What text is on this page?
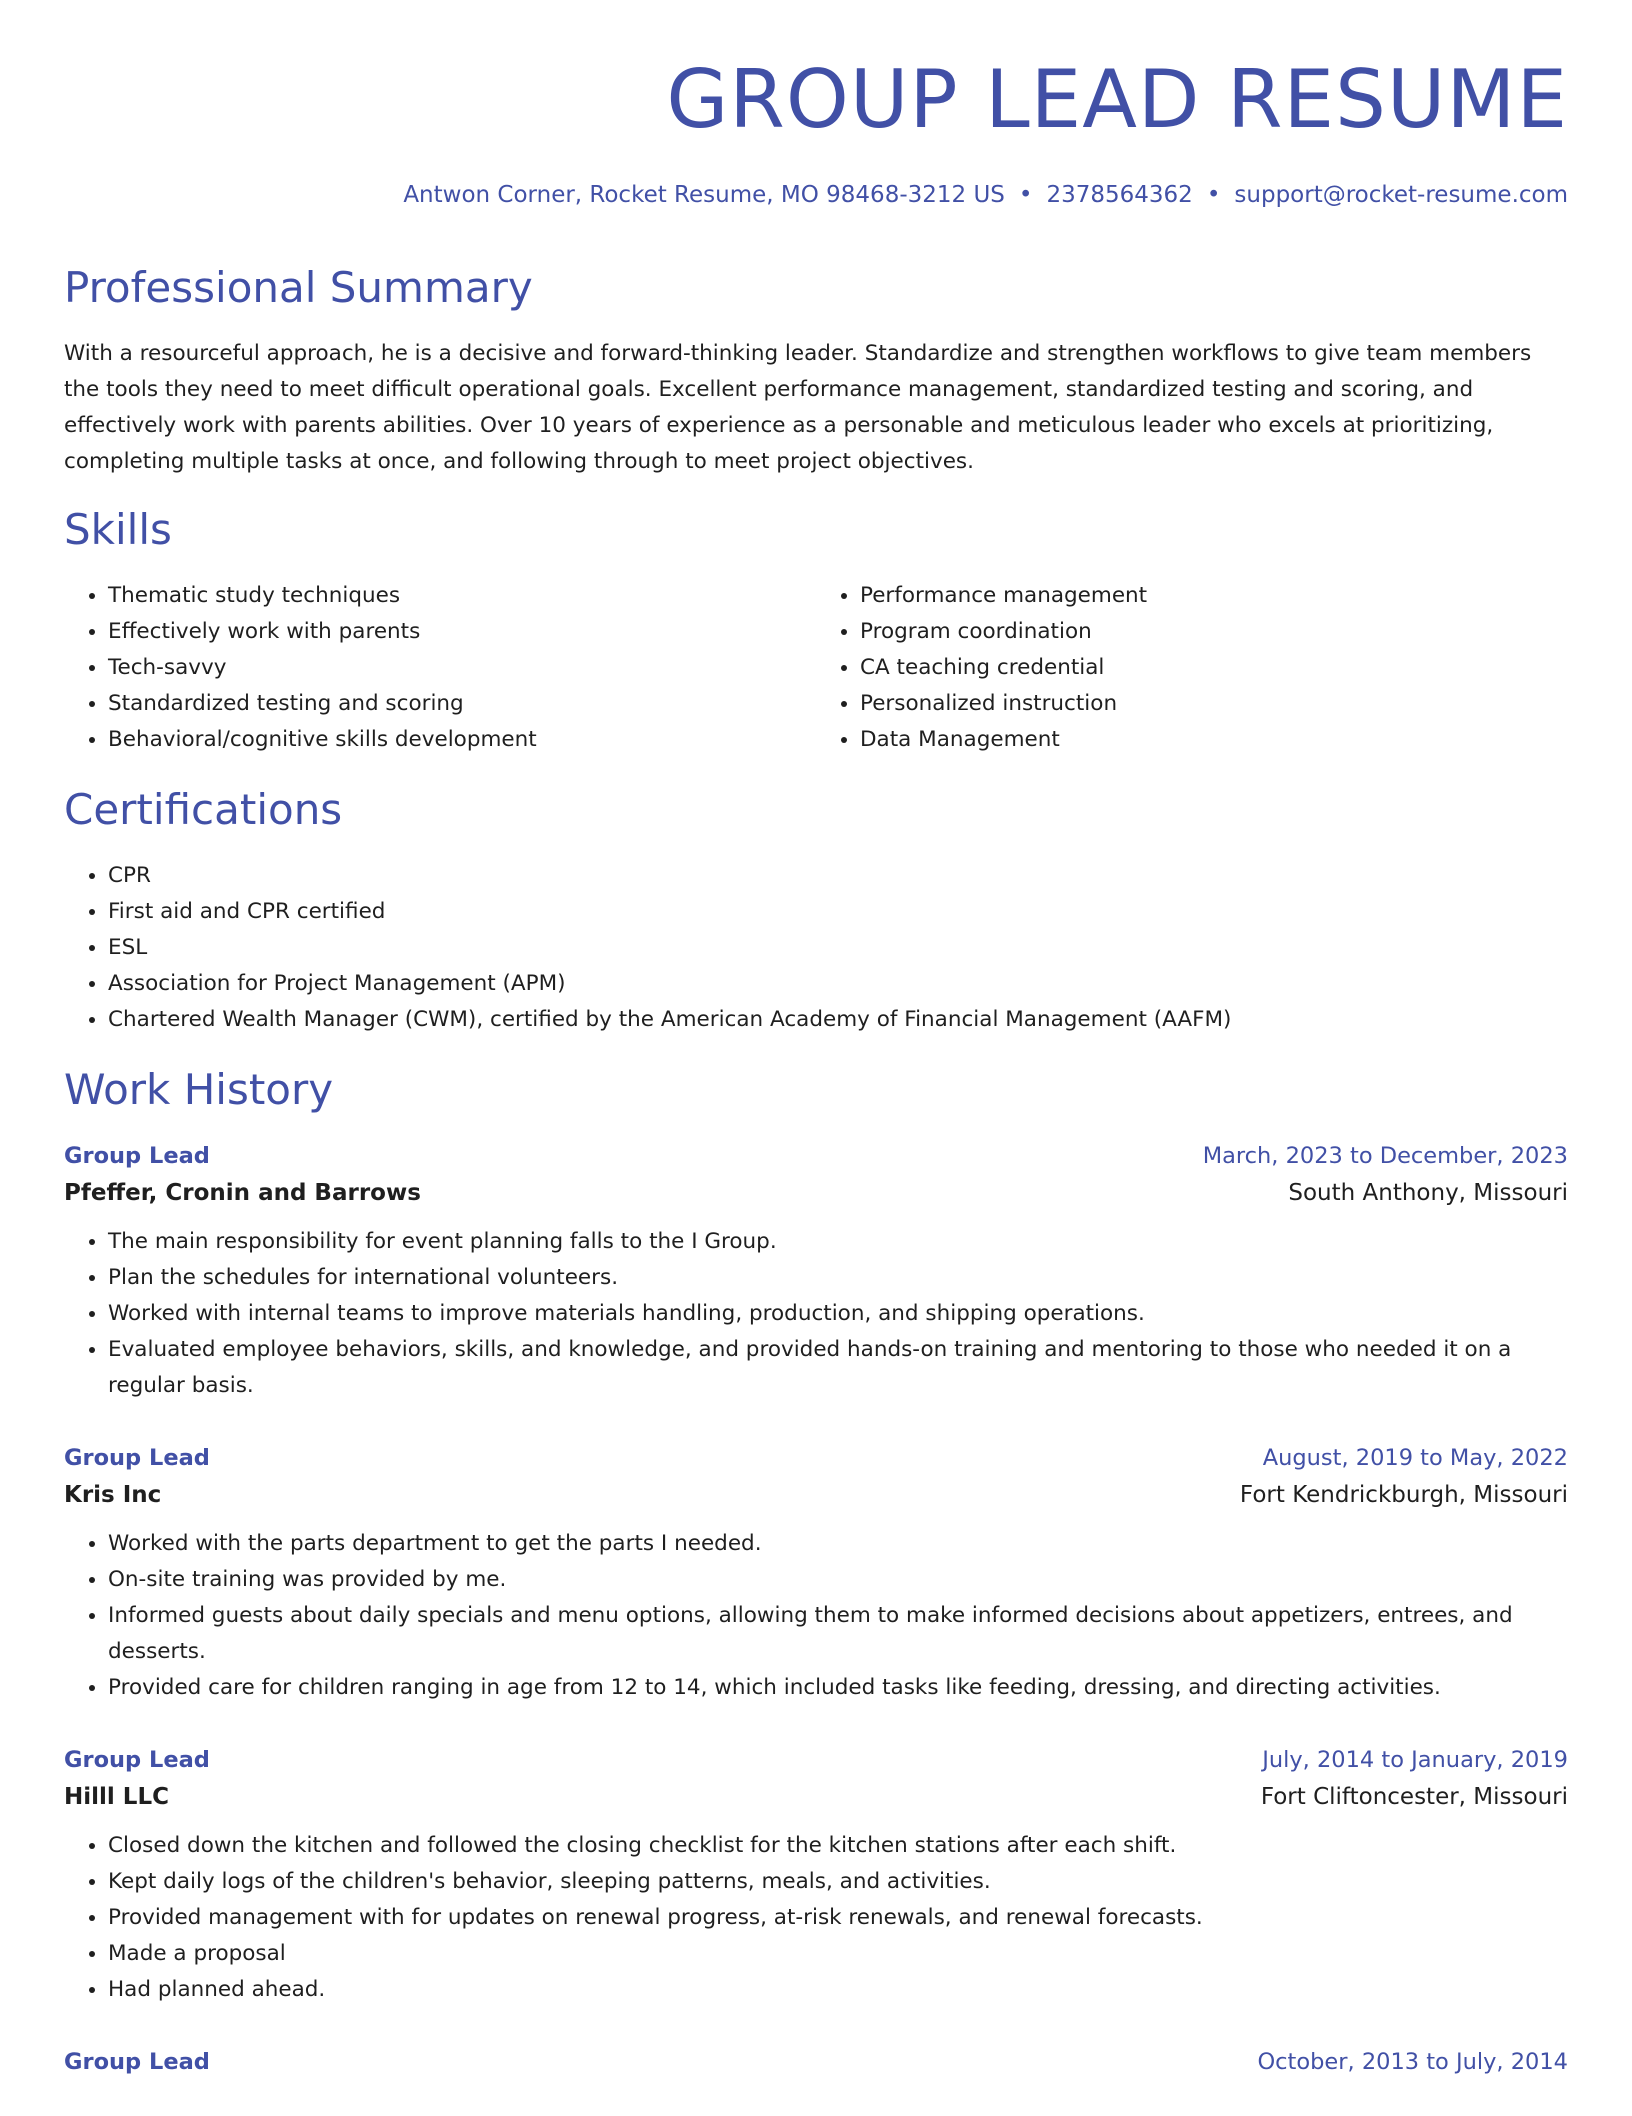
GROUP LEAD RESUME
Antwon Corner, Rocket Resume, MO 98468-3212 US • 2378564362 • support@rocket-resume.com
Professional Summary

With a resourceful approach, he is a decisive and forward-thinking leader. Standardize and strengthen workflows to give team members the tools they need to meet difficult operational goals. Excellent performance management, standardized testing and scoring, and effectively work with parents abilities. Over 10 years of experience as a personable and meticulous leader who excels at prioritizing, completing multiple tasks at once, and following through to meet project objectives.

Skills
• Thematic study techniques
• Effectively work with parents
• Tech-savvy
• Standardized testing and scoring
• Behavioral/cognitive skills development
• Performance management
• Program coordination
• CA teaching credential
• Personalized instruction
• Data Management
Certifications
• CPR
• First aid and CPR certified
• ESL
• Association for Project Management (APM)
• Chartered Wealth Manager (CWM), certified by the American Academy of Financial Management (AAFM)
Work History
Group Lead	March, 2023 to December, 2023
Pfeffer, Cronin and Barrows	South Anthony, Missouri
• The main responsibility for event planning falls to the I Group.
• Plan the schedules for international volunteers.
• Worked with internal teams to improve materials handling, production, and shipping operations.
• Evaluated employee behaviors, skills, and knowledge, and provided hands-on training and mentoring to those who needed it on a regular basis.
Group Lead	August, 2019 to May, 2022
Kris Inc	Fort Kendrickburgh, Missouri
• Worked with the parts department to get the parts I needed.
• On-site training was provided by me.
• Informed guests about daily specials and menu options, allowing them to make informed decisions about appetizers, entrees, and desserts.
• Provided care for children ranging in age from 12 to 14, which included tasks like feeding, dressing, and directing activities.
Group Lead	July, 2014 to January, 2019
Hilll LLC	Fort Cliftoncester, Missouri
• Closed down the kitchen and followed the closing checklist for the kitchen stations after each shift.
• Kept daily logs of the children's behavior, sleeping patterns, meals, and activities.
• Provided management with for updates on renewal progress, at-risk renewals, and renewal forecasts.
• Made a proposal
• Had planned ahead.
Group Lead	October, 2013 to July, 2014
